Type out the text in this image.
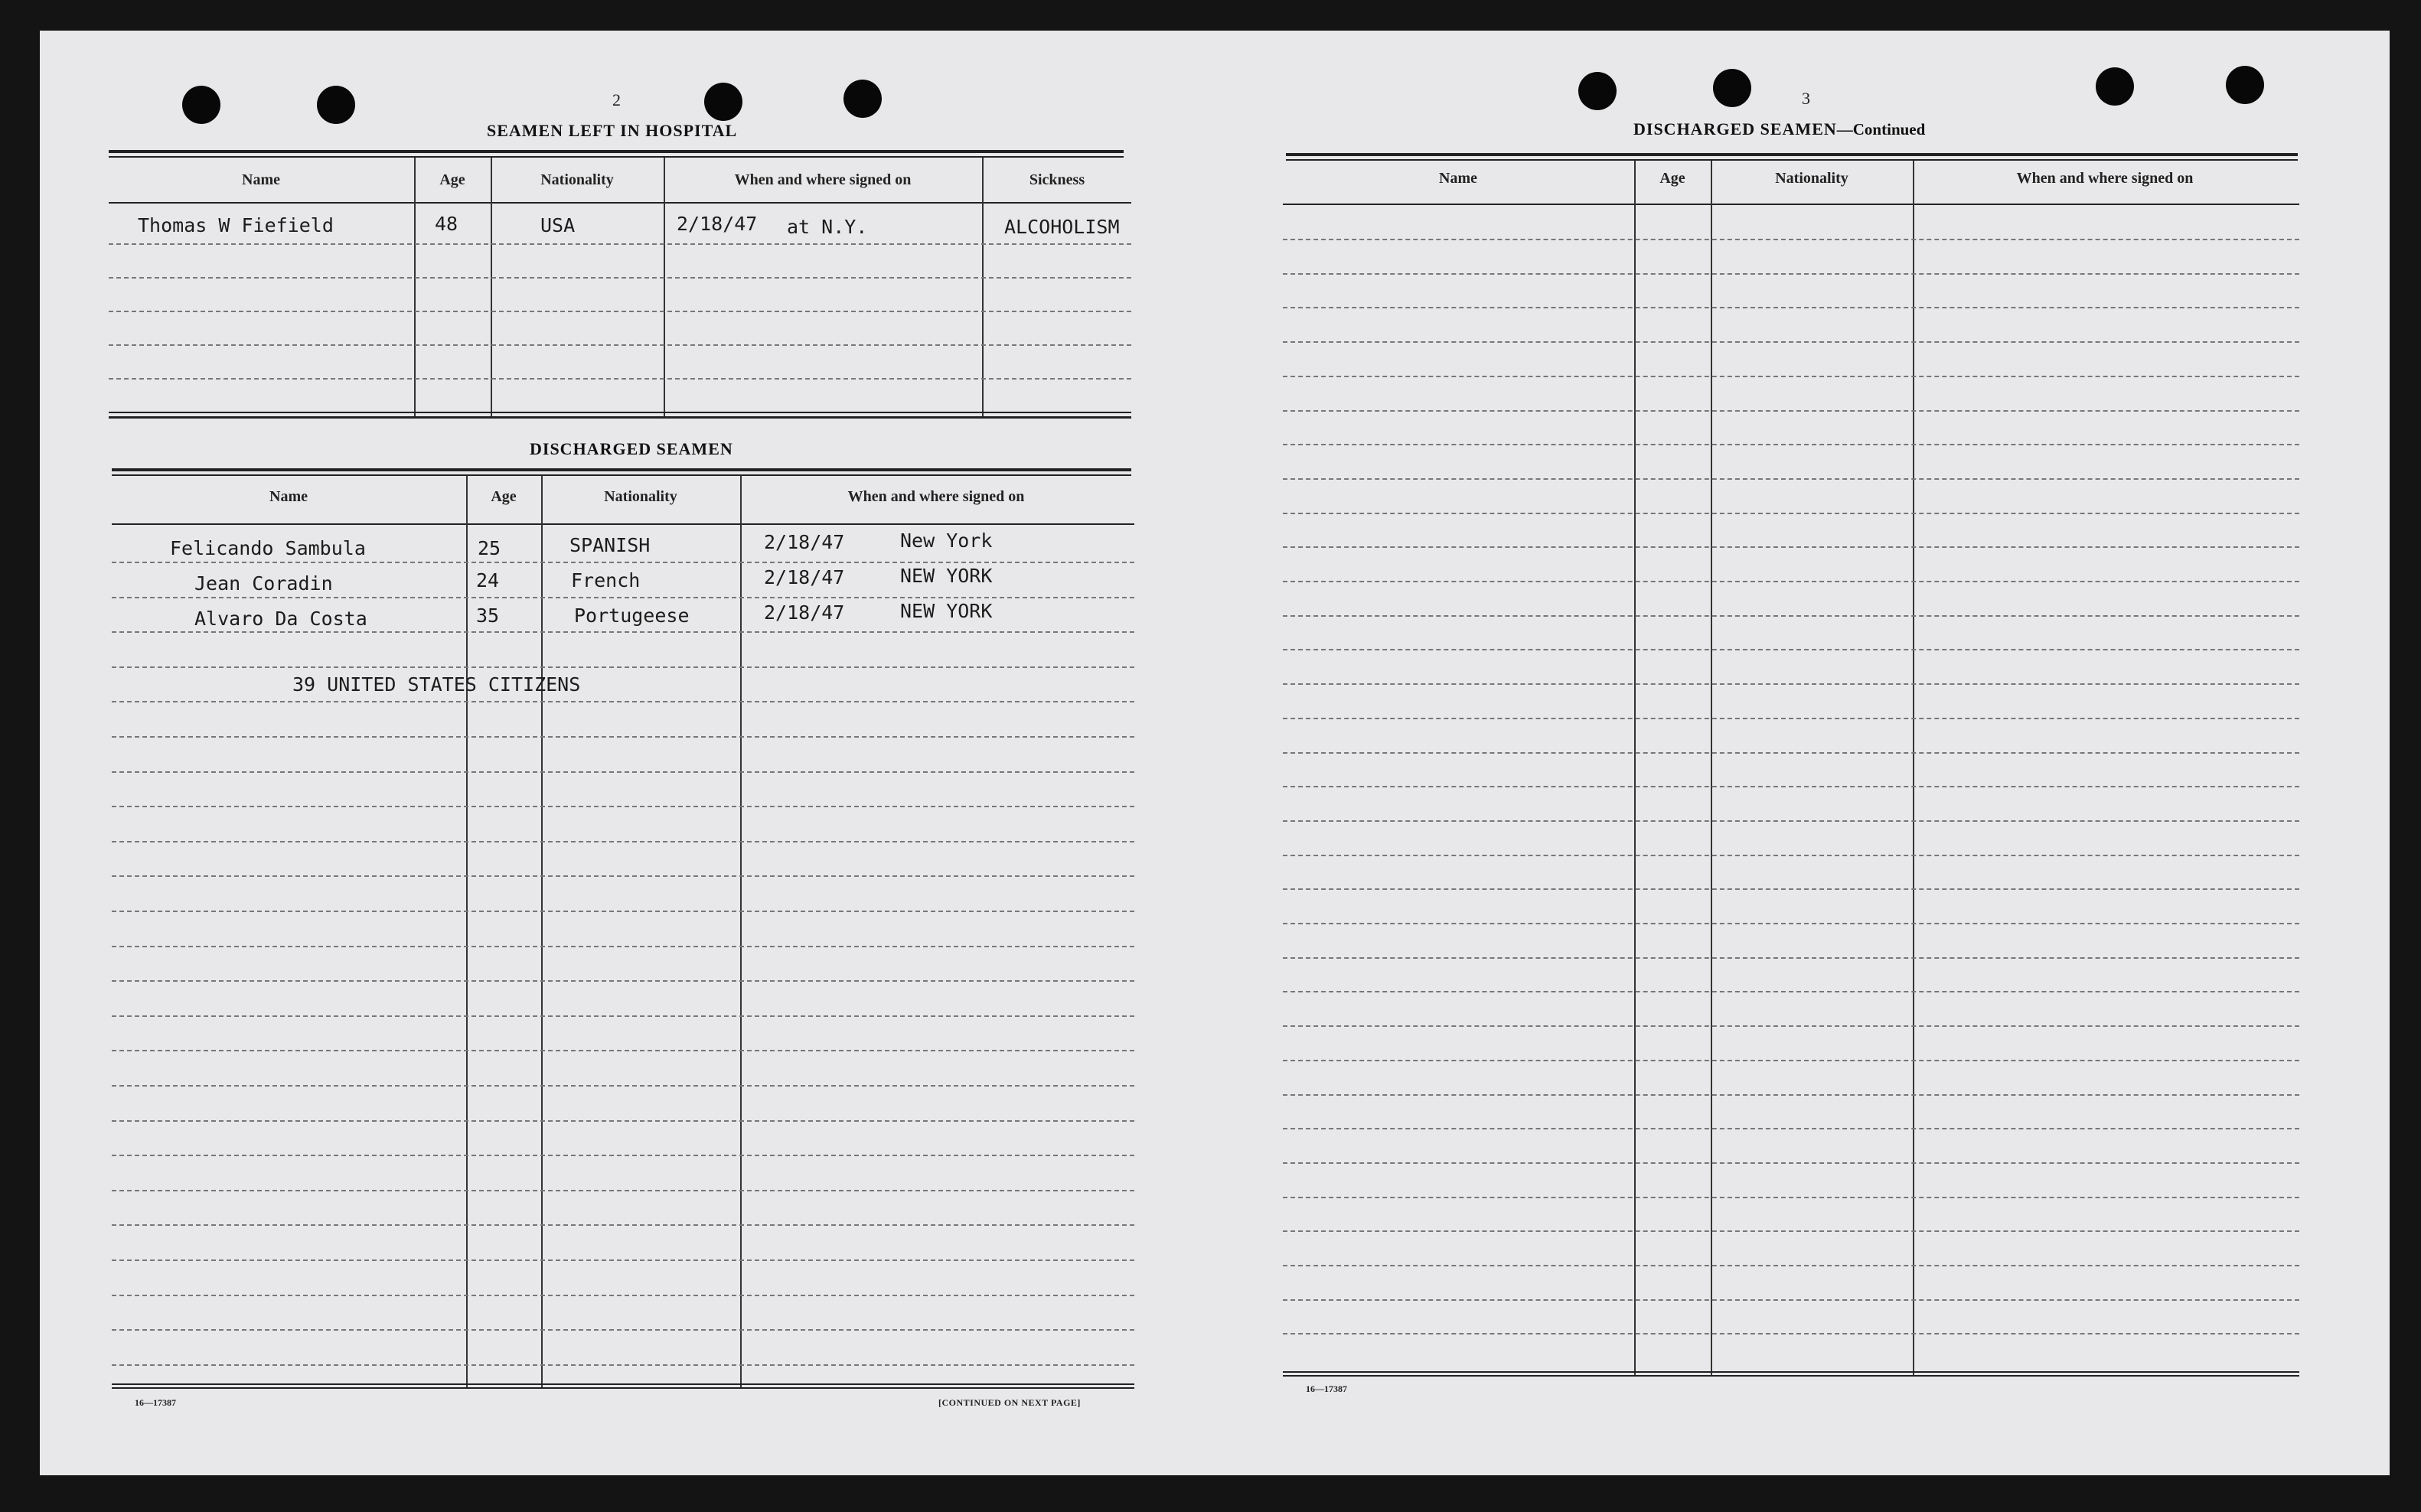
2
SEAMEN LEFT IN HOSPITAL
Name	Age	Nationality	When and where signed on	Sickness
Thomas W Fiefield	48	USA	2/18/47 at N.Y.	ALCOHOLISM
DISCHARGED SEAMEN
Name	Age	Nationality	When and where signed on
Felicando Sambula	25	SPANISH	2/18/47	New York
Jean Coradin	24	French	2/18/47	NEW YORK
Alvaro Da Costa	35	Portugeese	2/18/47	NEW YORK
39 UNITED STATES CITIZENS
16—17387	[CONTINUED ON NEXT PAGE]
3
DISCHARGED SEAMEN—Continued
Name	Age	Nationality	When and where signed on
16—17387
